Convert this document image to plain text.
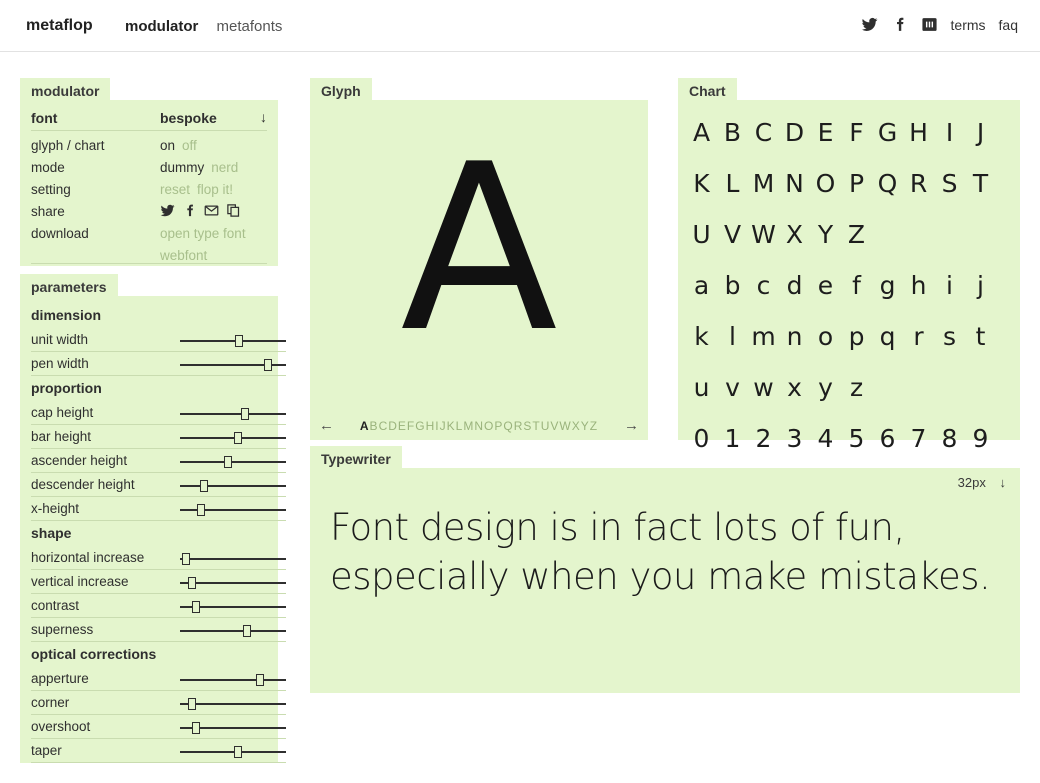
metaflop modulator metafonts	terms faq
modulator
font	bespoke	↓
glyph / chart	on off
mode	dummy nerd
setting	reset flop it!
share
download	open type font
webfont
parameters
dimension
unit width
pen width
proportion
cap height
bar height
ascender height
descender height
x-height
shape
horizontal increase
vertical increase
contrast
superness
optical corrections
apperture
corner
overshoot
taper
Glyph
A
← ABCDEFGHIJKLMNOPQRSTUVWXYZ →
Chart
A B C D E F G H I J
K L M N O P Q R S T
U V W X Y Z
a b c d e f g h i j
k l m n o p q r s t
u v w x y z
0 1 2 3 4 5 6 7 8 9
Typewriter
32px ↓
Font design is in fact lots of fun, especially when you make mistakes.
